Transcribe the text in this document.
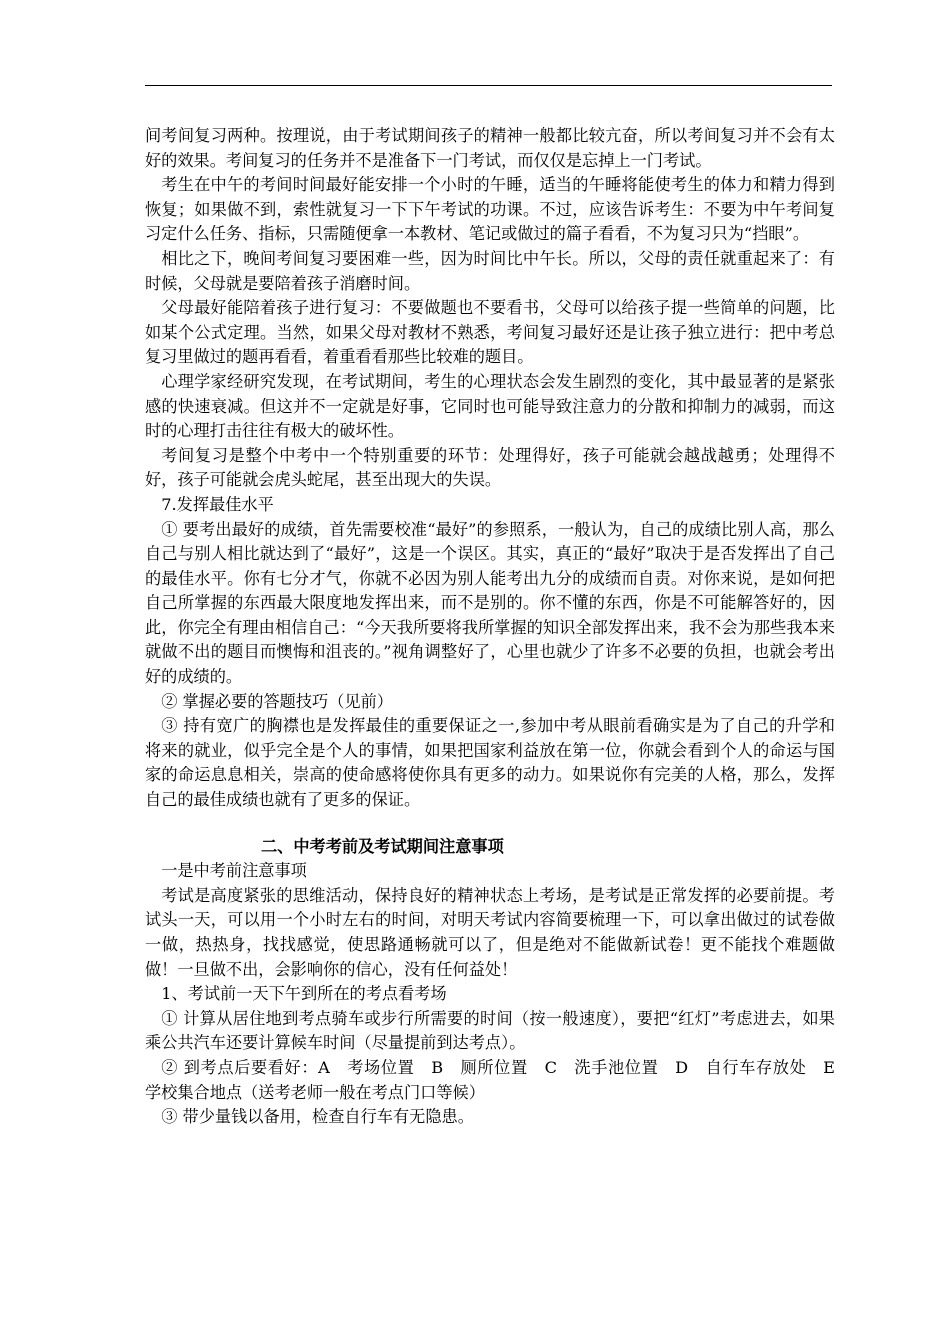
间考间复习两种。按理说，由于考试期间孩子的精神一般都比较亢奋，所以考间复习并不会有太好的效果。考间复习的任务并不是准备下一门考试，而仅仅是忘掉上一门考试。

考生在中午的考间时间最好能安排一个小时的午睡，适当的午睡将能使考生的体力和精力得到恢复；如果做不到，索性就复习一下下午考试的功课。不过，应该告诉考生：不要为中午考间复习定什么任务、指标，只需随便拿一本教材、笔记或做过的篇子看看，不为复习只为“挡眼”。

相比之下，晚间考间复习要困难一些，因为时间比中午长。所以，父母的责任就重起来了：有时候，父母就是要陪着孩子消磨时间。

父母最好能陪着孩子进行复习：不要做题也不要看书，父母可以给孩子提一些简单的问题，比如某个公式定理。当然，如果父母对教材不熟悉，考间复习最好还是让孩子独立进行：把中考总复习里做过的题再看看，着重看看那些比较难的题目。

心理学家经研究发现，在考试期间，考生的心理状态会发生剧烈的变化，其中最显著的是紧张感的快速衰减。但这并不一定就是好事，它同时也可能导致注意力的分散和抑制力的减弱，而这时的心理打击往往有极大的破坏性。

考间复习是整个中考中一个特别重要的环节：处理得好，孩子可能就会越战越勇；处理得不好，孩子可能就会虎头蛇尾，甚至出现大的失误。

7.发挥最佳水平

① 要考出最好的成绩，首先需要校准“最好”的参照系，一般认为，自己的成绩比别人高，那么自己与别人相比就达到了“最好”，这是一个误区。其实，真正的“最好”取决于是否发挥出了自己的最佳水平。你有七分才气，你就不必因为别人能考出九分的成绩而自责。对你来说，是如何把自己所掌握的东西最大限度地发挥出来，而不是别的。你不懂的东西，你是不可能解答好的，因此，你完全有理由相信自己：“今天我所要将我所掌握的知识全部发挥出来，我不会为那些我本来就做不出的题目而懊悔和沮丧的。”视角调整好了，心里也就少了许多不必要的负担，也就会考出好的成绩的。

② 掌握必要的答题技巧（见前）

③ 持有宽广的胸襟也是发挥最佳的重要保证之一,参加中考从眼前看确实是为了自己的升学和将来的就业，似乎完全是个人的事情，如果把国家利益放在第一位，你就会看到个人的命运与国家的命运息息相关，崇高的使命感将使你具有更多的动力。如果说你有完美的人格，那么，发挥自己的最佳成绩也就有了更多的保证。

二、中考考前及考试期间注意事项

一是中考前注意事项

考试是高度紧张的思维活动，保持良好的精神状态上考场，是考试是正常发挥的必要前提。考试头一天，可以用一个小时左右的时间，对明天考试内容简要梳理一下，可以拿出做过的试卷做一做，热热身，找找感觉，使思路通畅就可以了，但是绝对不能做新试卷！更不能找个难题做做！一旦做不出，会影响你的信心，没有任何益处！

1、考试前一天下午到所在的考点看考场

① 计算从居住地到考点骑车或步行所需要的时间（按一般速度），要把“红灯”考虑进去，如果乘公共汽车还要计算候车时间（尽量提前到达考点）。

② 到考点后要看好：A　考场位置　B　厕所位置　C　洗手池位置　D　自行车存放处　E　学校集合地点（送考老师一般在考点门口等候）

③ 带少量钱以备用，检查自行车有无隐患。
